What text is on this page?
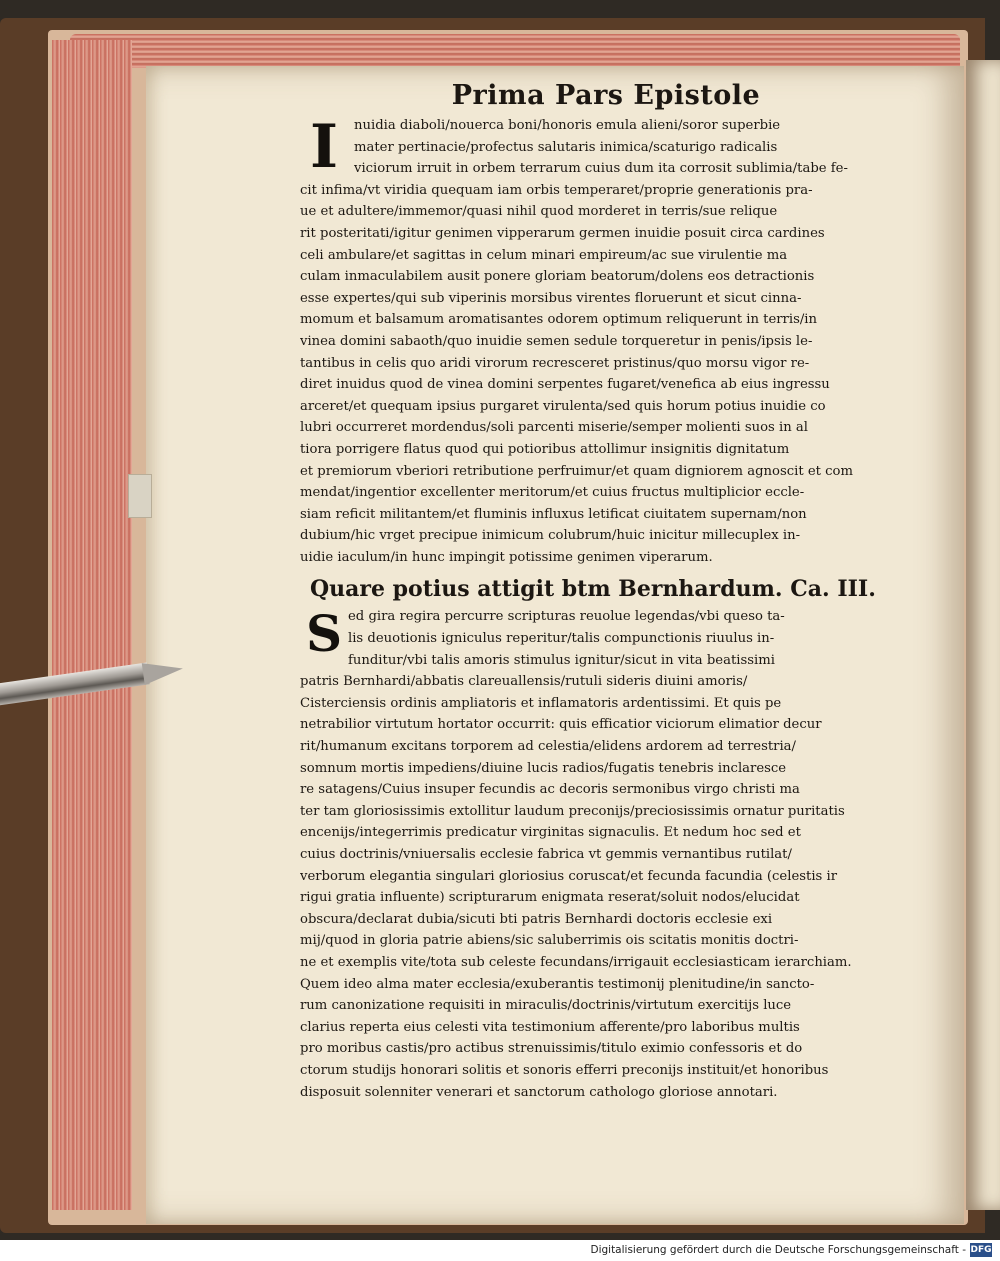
Prima Pars Epistole
I	nuidia diaboli/nouerca boni/honoris emula alieni/soror superbie
mater pertinacie/profectus salutaris inimica/scaturigo radicalis
viciorum irruit in orbem terrarum cuius dum ita corrosit sublimia/tabe fe-
cit infima/vt viridia quequam iam orbis temperaret/proprie generationis pra-
ue et adultere/immemor/quasi nihil quod morderet in terris/sue relique
rit posteritati/igitur genimen vipperarum germen inuidie posuit circa cardines
celi ambulare/et sagittas in celum minari empireum/ac sue virulentie ma
culam inmaculabilem ausit ponere gloriam beatorum/dolens eos detractionis
esse expertes/qui sub viperinis morsibus virentes floruerunt et sicut cinna-
momum et balsamum aromatisantes odorem optimum reliquerunt in terris/in
vinea domini sabaoth/quo inuidie semen sedule torqueretur in penis/ipsis le-
tantibus in celis quo aridi virorum recresceret pristinus/quo morsu vigor re-
diret inuidus quod de vinea domini serpentes fugaret/venefica ab eius ingressu
arceret/et quequam ipsius purgaret virulenta/sed quis horum potius inuidie co
lubri occurreret mordendus/soli parcenti miserie/semper molienti suos in al
tiora porrigere flatus quod qui potioribus attollimur insignitis dignitatum
et premiorum vberiori retributione perfruimur/et quam digniorem agnoscit et com
mendat/ingentior excellenter meritorum/et cuius fructus multiplicior eccle-
siam reficit militantem/et fluminis influxus letificat ciuitatem supernam/non
dubium/hic vrget precipue inimicum colubrum/huic inicitur millecuplex in-
uidie iaculum/in hunc impingit potissime genimen viperarum.
Quare potius attigit btm Bernhardum. Ca. III.
S ed gira regira percurre scripturas reuolue legendas/vbi queso ta-
lis deuotionis igniculus reperitur/talis compunctionis riuulus in-
funditur/vbi talis amoris stimulus ignitur/sicut in vita beatissimi
patris Bernhardi/abbatis clareuallensis/rutuli sideris diuini amoris/
Cisterciensis ordinis ampliatoris et inflamatoris ardentissimi. Et quis pe
netrabilior virtutum hortator occurrit: quis efficatior viciorum elimatior decur
rit/humanum excitans torporem ad celestia/elidens ardorem ad terrestria/
somnum mortis impediens/diuine lucis radios/fugatis tenebris inclaresce
re satagens/Cuius insuper fecundis ac decoris sermonibus virgo christi ma
ter tam gloriosissimis extollitur laudum preconijs/preciosissimis ornatur puritatis
encenijs/integerrimis predicatur virginitas signaculis. Et nedum hoc sed et
cuius doctrinis/vniuersalis ecclesie fabrica vt gemmis vernantibus rutilat/
verborum elegantia singulari gloriosius coruscat/et fecunda facundia (celestis ir
rigui gratia influente) scripturarum enigmata reserat/soluit nodos/elucidat
obscura/declarat dubia/sicuti bti patris Bernhardi doctoris ecclesie exi
mij/quod in gloria patrie abiens/sic saluberrimis ois scitatis monitis doctri-
ne et exemplis vite/tota sub celeste fecundans/irrigauit ecclesiasticam ierarchiam.
Quem ideo alma mater ecclesia/exuberantis testimonij plenitudine/in sancto-
rum canonizatione requisiti in miraculis/doctrinis/virtutum exercitijs luce
clarius reperta eius celesti vita testimonium afferente/pro laboribus multis
pro moribus castis/pro actibus strenuissimis/titulo eximio confessoris et do
ctorum studijs honorari solitis et sonoris efferri preconijs instituit/et honoribus
disposuit solenniter venerari et sanctorum cathologo gloriose annotari.
Digitalisierung gefördert durch die Deutsche Forschungsgemeinschaft - DFG
